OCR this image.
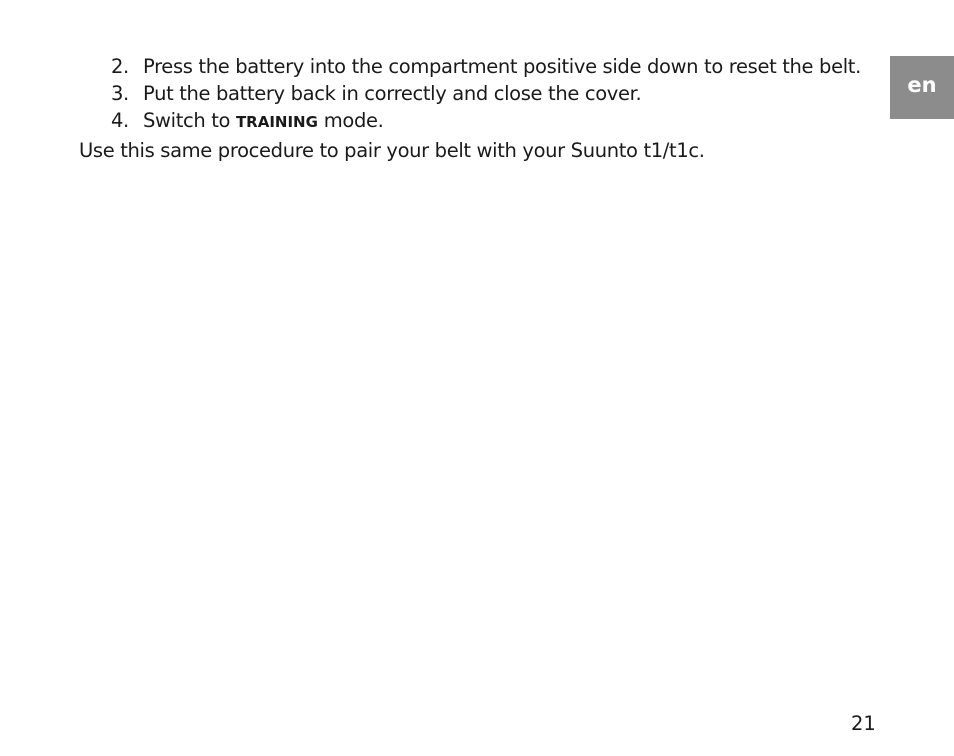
2. Press the battery into the compartment positive side down to reset the belt.
3. Put the battery back in correctly and close the cover.
4. Switch to TRAINING mode.

Use this same procedure to pair your belt with your Suunto t1/t1c.

en
21
